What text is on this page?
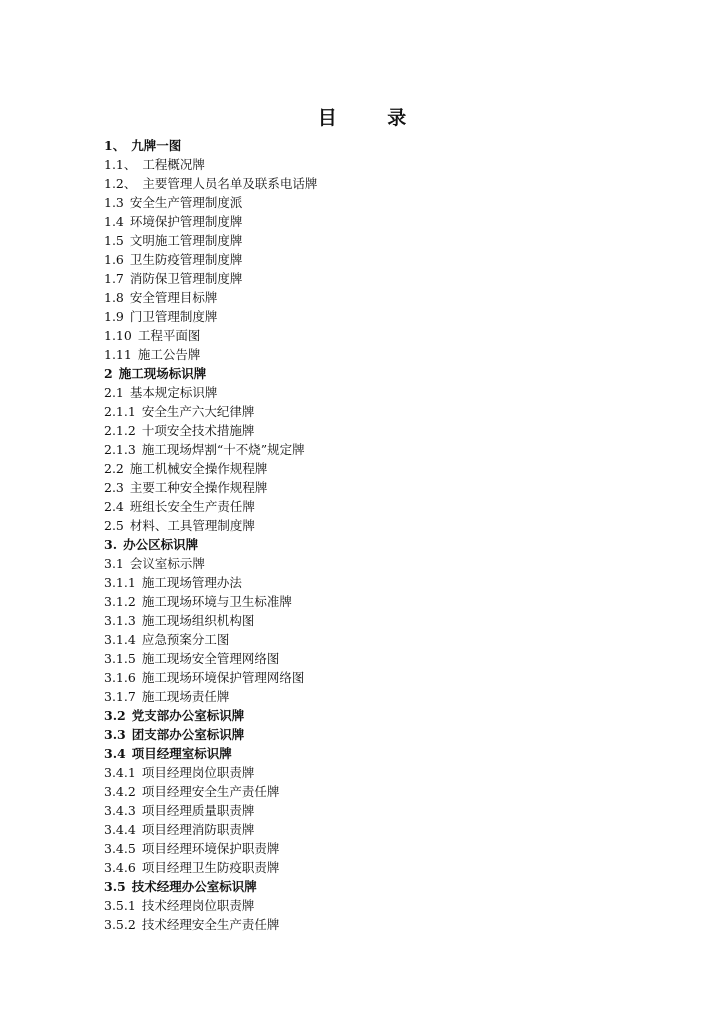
目 录
1、 九牌一图
1.1、 工程概况牌
1.2、 主要管理人员名单及联系电话牌
1.3 安全生产管理制度派
1.4 环境保护管理制度牌
1.5 文明施工管理制度牌
1.6 卫生防疫管理制度牌
1.7 消防保卫管理制度牌
1.8 安全管理目标牌
1.9 门卫管理制度牌
1.10 工程平面图
1.11 施工公告牌
2 施工现场标识牌
2.1 基本规定标识牌
2.1.1 安全生产六大纪律牌
2.1.2 十项安全技术措施牌
2.1.3 施工现场焊割“十不烧”规定牌
2.2 施工机械安全操作规程牌
2.3 主要工种安全操作规程牌
2.4 班组长安全生产责任牌
2.5 材料、工具管理制度牌
3. 办公区标识牌
3.1 会议室标示牌
3.1.1 施工现场管理办法
3.1.2 施工现场环境与卫生标准牌
3.1.3 施工现场组织机构图
3.1.4 应急预案分工图
3.1.5 施工现场安全管理网络图
3.1.6 施工现场环境保护管理网络图
3.1.7 施工现场责任牌
3.2 党支部办公室标识牌
3.3 团支部办公室标识牌
3.4 项目经理室标识牌
3.4.1 项目经理岗位职责牌
3.4.2 项目经理安全生产责任牌
3.4.3 项目经理质量职责牌
3.4.4 项目经理消防职责牌
3.4.5 项目经理环境保护职责牌
3.4.6 项目经理卫生防疫职责牌
3.5 技术经理办公室标识牌
3.5.1 技术经理岗位职责牌
3.5.2 技术经理安全生产责任牌
